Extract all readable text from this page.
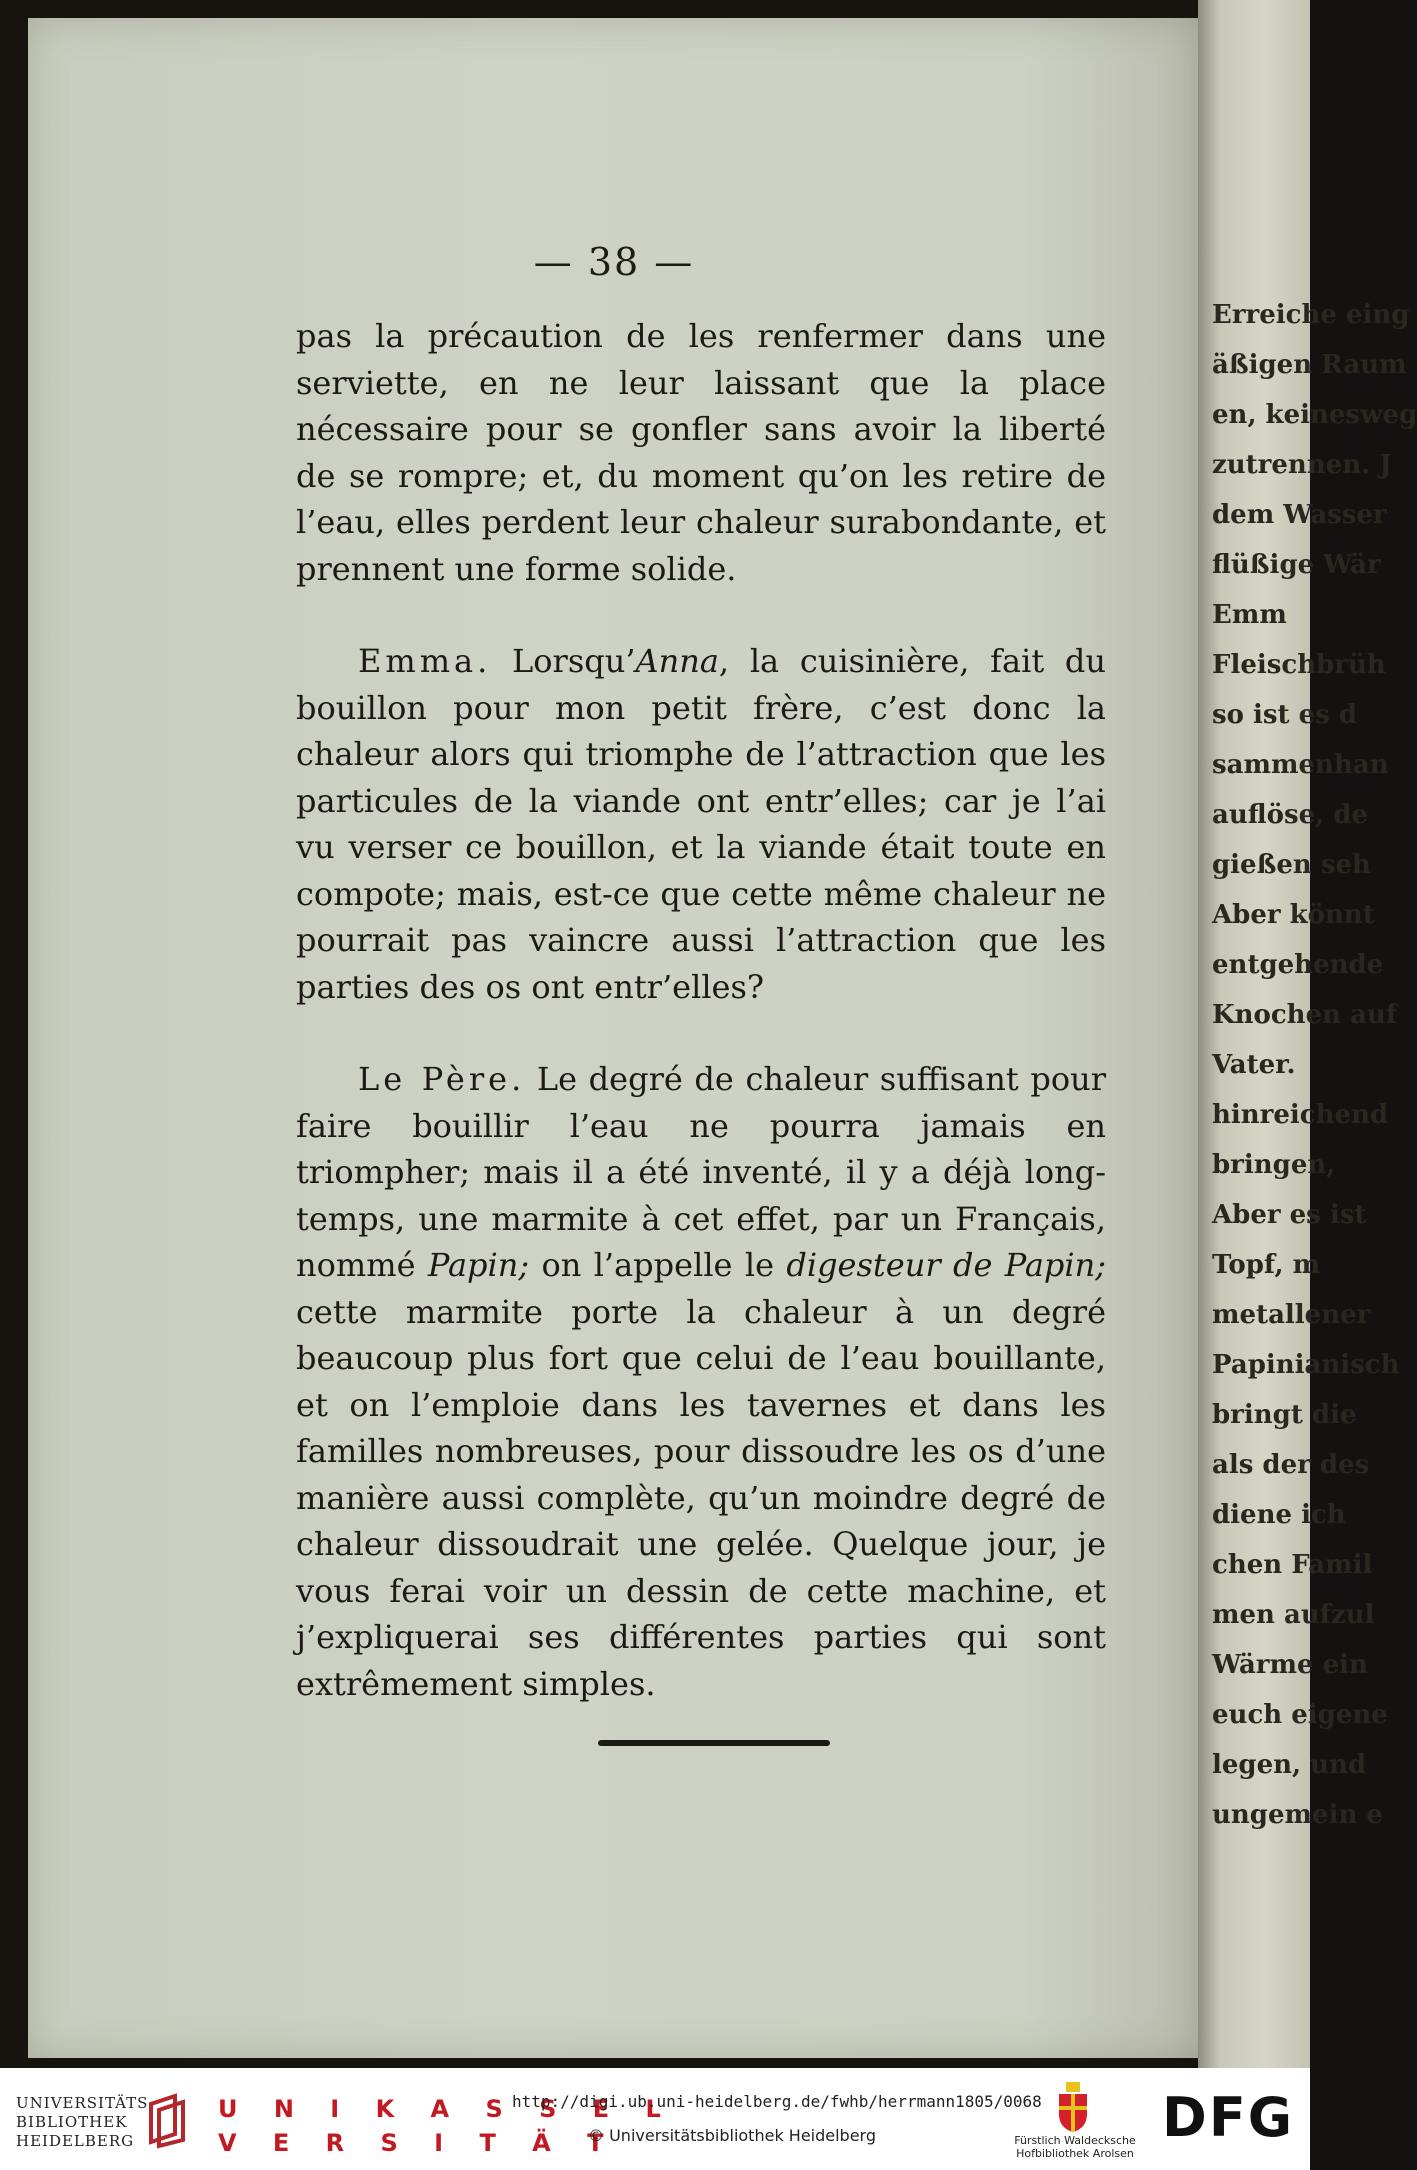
— 38 —

pas la précaution de les renfermer dans une serviette, en ne leur laissant que la place nécessaire pour se gonfler sans avoir la liberté de se rompre; et, du moment qu’on les retire de l’eau, elles perdent leur chaleur surabondante, et prennent une forme solide.

Emma. Lorsqu’Anna, la cuisinière, fait du bouillon pour mon petit frère, c’est donc la chaleur alors qui triomphe de l’attraction que les particules de la viande ont entr’elles; car je l’ai vu verser ce bouillon, et la viande était toute en compote; mais, est-ce que cette même chaleur ne pourrait pas vaincre aussi l’attraction que les parties des os ont entr’elles?

Le Père. Le degré de chaleur suffisant pour faire bouillir l’eau ne pourra jamais en triompher; mais il a été inventé, il y a déjà long-temps, une marmite à cet effet, par un Français, nommé Papin; on l’appelle le digesteur de Papin; cette marmite porte la chaleur à un degré beaucoup plus fort que celui de l’eau bouillante, et on l’emploie dans les tavernes et dans les familles nombreuses, pour dissoudre les os d’une manière aussi complète, qu’un moindre degré de chaleur dissoudrait une gelée. Quelque jour, je vous ferai voir un dessin de cette machine, et j’expliquerai ses différentes parties qui sont extrêmement simples.

Erreiche eing
äßigen Raum
en, keinesweg
zutrennen. J
dem Wasser
flüßige Wär
Emm
Fleischbrüh
so ist es d
sammenhan
auflöse, de
gießen seh
Aber könnt
entgehende
Knochen auf
Vater.
hinreichend
bringen,
Aber es ist
Topf, m
metallener
Papinianisch
bringt die
als der des
diene ich
chen Famil
men aufzul
Wärme ein
euch eigene
legen, und
ungemein e
UNIVERSITÄTS-
BIBLIOTHEK
HEIDELBERG
U N I K A S S E L
V E R S I T Ä T
http://digi.ub.uni-heidelberg.de/fwhb/herrmann1805/0068
© Universitätsbibliothek Heidelberg	Fürstlich Waldecksche
Hofbibliothek Arolsen
DFG
